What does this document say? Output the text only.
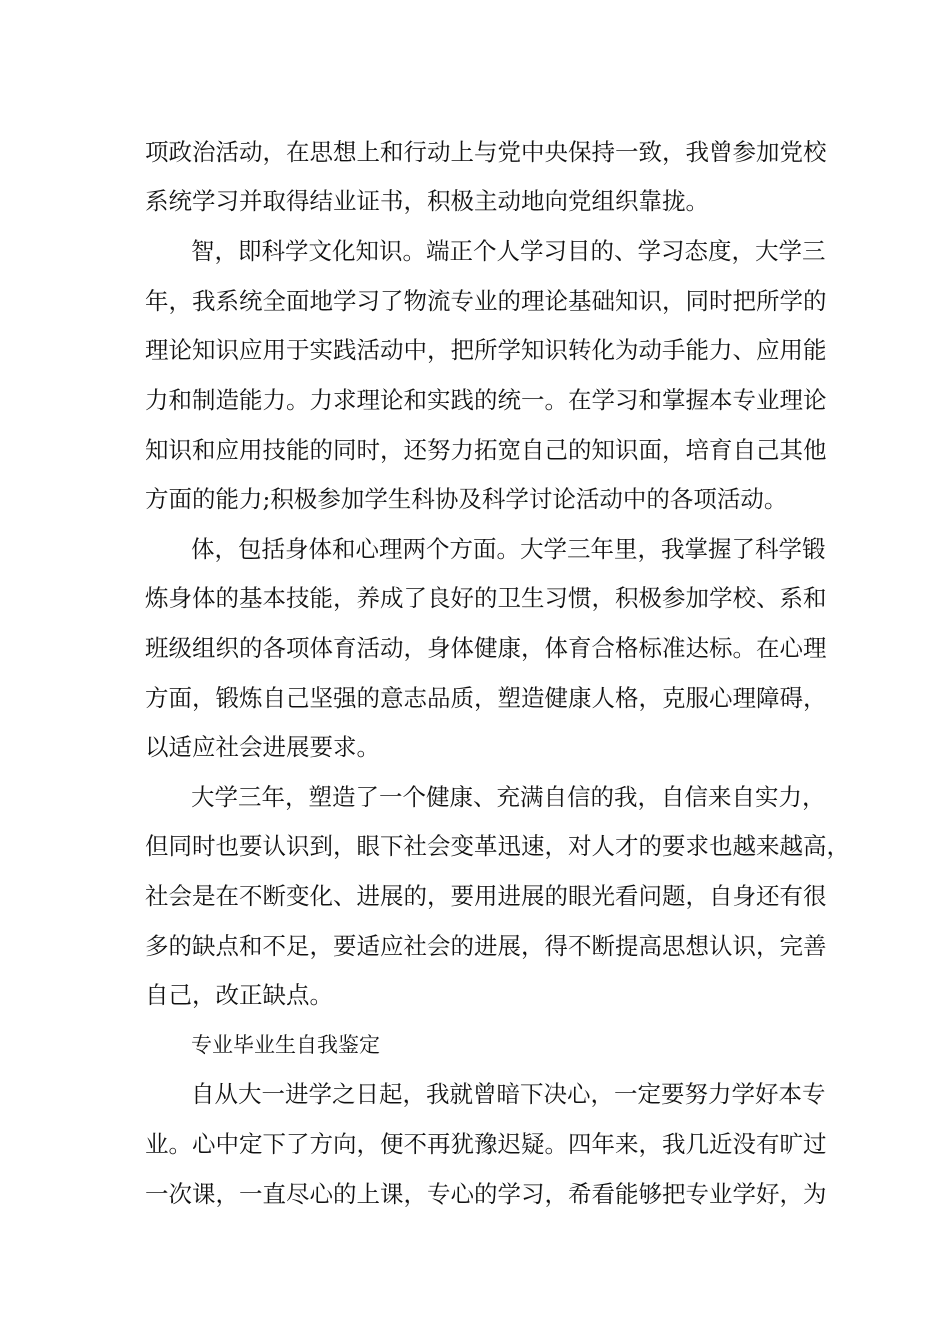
项政治活动，在思想上和行动上与党中央保持一致，我曾参加党校
系统学习并取得结业证书，积极主动地向党组织靠拢。
智，即科学文化知识。端正个人学习目的、学习态度，大学三
年，我系统全面地学习了物流专业的理论基础知识，同时把所学的
理论知识应用于实践活动中，把所学知识转化为动手能力、应用能
力和制造能力。力求理论和实践的统一。在学习和掌握本专业理论
知识和应用技能的同时，还努力拓宽自己的知识面，培育自己其他
方面的能力;积极参加学生科协及科学讨论活动中的各项活动。
体，包括身体和心理两个方面。大学三年里，我掌握了科学锻
炼身体的基本技能，养成了良好的卫生习惯，积极参加学校、系和
班级组织的各项体育活动，身体健康，体育合格标准达标。在心理
方面，锻炼自己坚强的意志品质，塑造健康人格，克服心理障碍，
以适应社会进展要求。
大学三年，塑造了一个健康、充满自信的我，自信来自实力，
但同时也要认识到，眼下社会变革迅速，对人才的要求也越来越高，
社会是在不断变化、进展的，要用进展的眼光看问题，自身还有很
多的缺点和不足，要适应社会的进展，得不断提高思想认识，完善
自己，改正缺点。
专业毕业生自我鉴定
自从大一进学之日起，我就曾暗下决心，一定要努力学好本专
业。心中定下了方向，便不再犹豫迟疑。四年来，我几近没有旷过
一次课，一直尽心的上课，专心的学习，希看能够把专业学好，为
